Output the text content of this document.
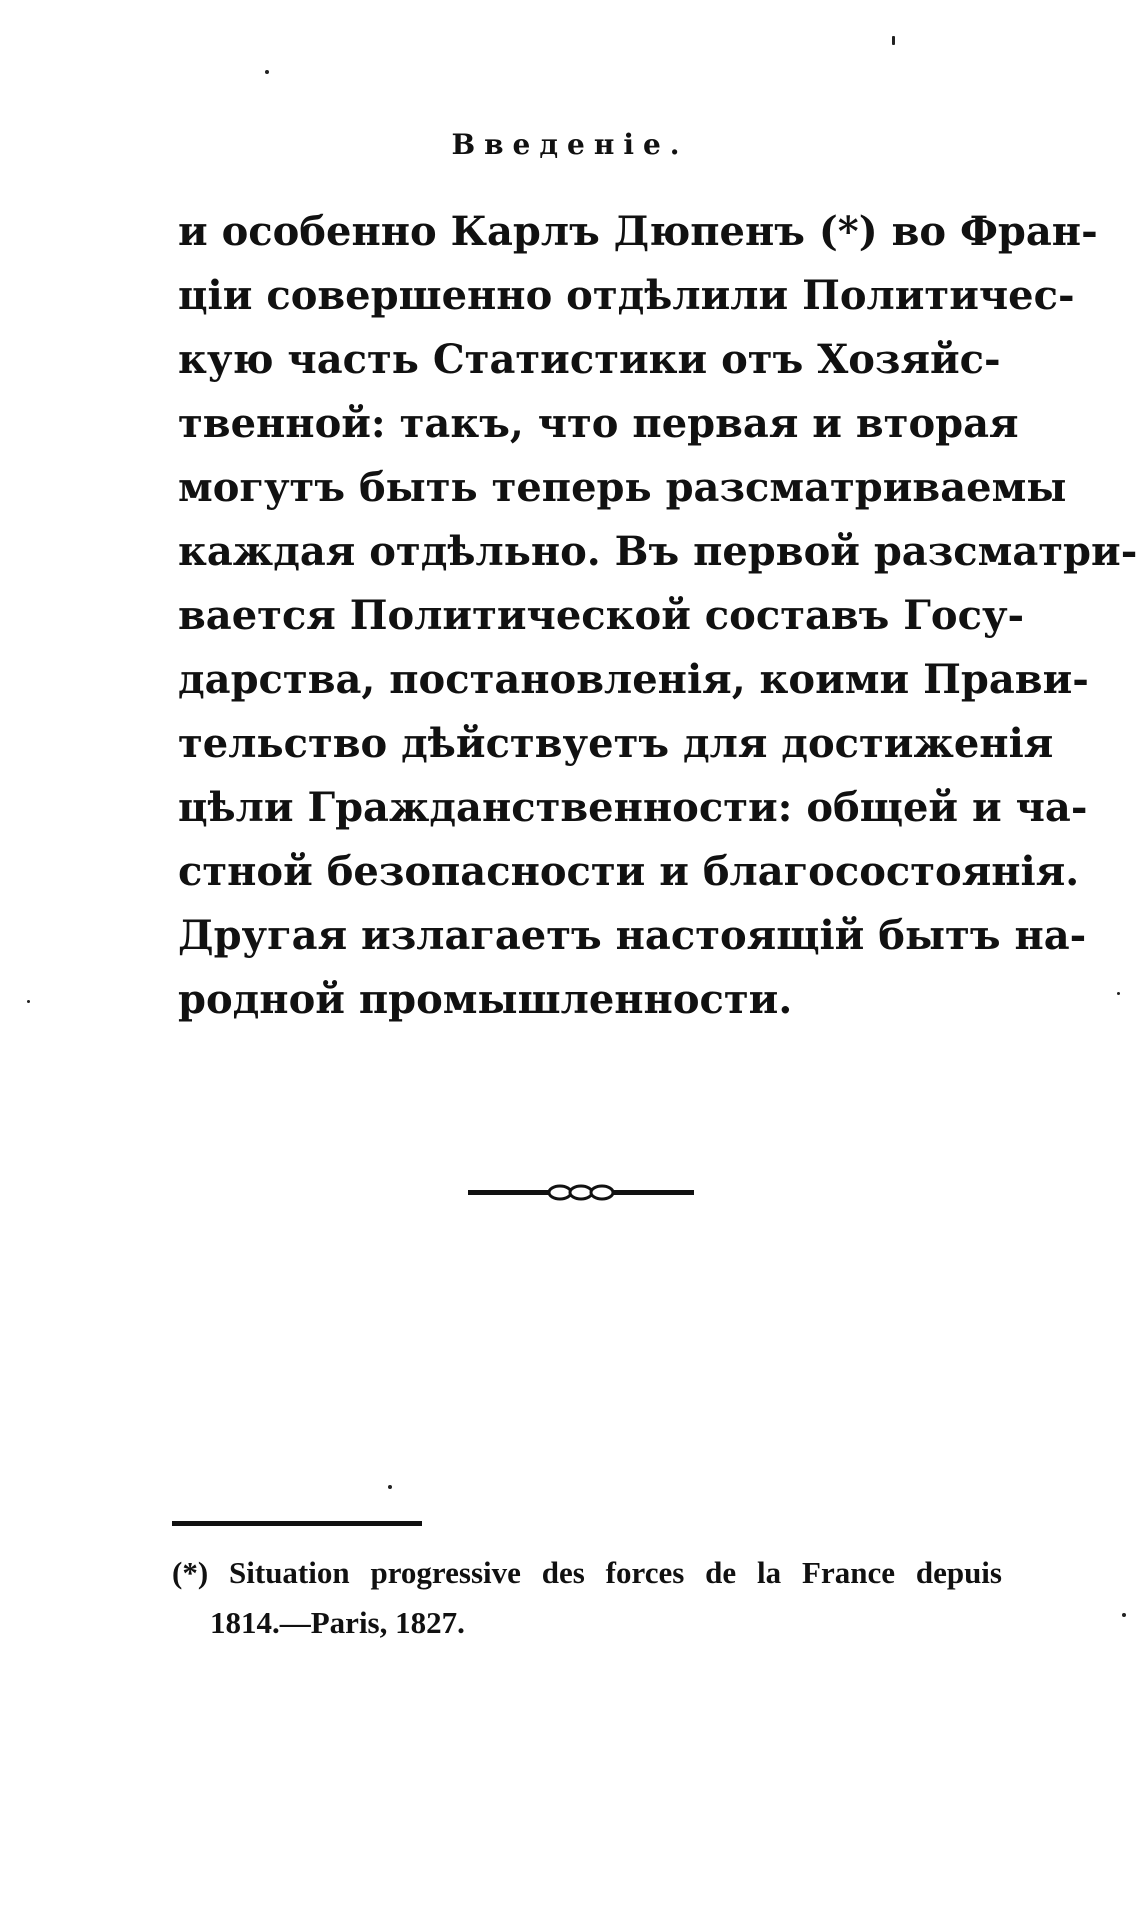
Введеніе.
и особенно Карлъ Дюпенъ (*) во Фран-
ціи совершенно отдѣлили Политичес-
кую часть Статистики отъ Хозяйс-
твенной: такъ, что первая и вторая
могутъ быть теперь разсматриваемы
каждая отдѣльно. Въ первой разсматри-
вается Политической составъ Госу-
дарства, постановленія, коими Прави-
тельство дѣйствуетъ для достиженія
цѣли Гражданственности: общей и ча-
стной безопасности и благосостоянія.
Другая излагаетъ настоящій бытъ на-
родной промышленности.
(*) Situation progressive des forces de la France depuis
1814.—Paris, 1827.
